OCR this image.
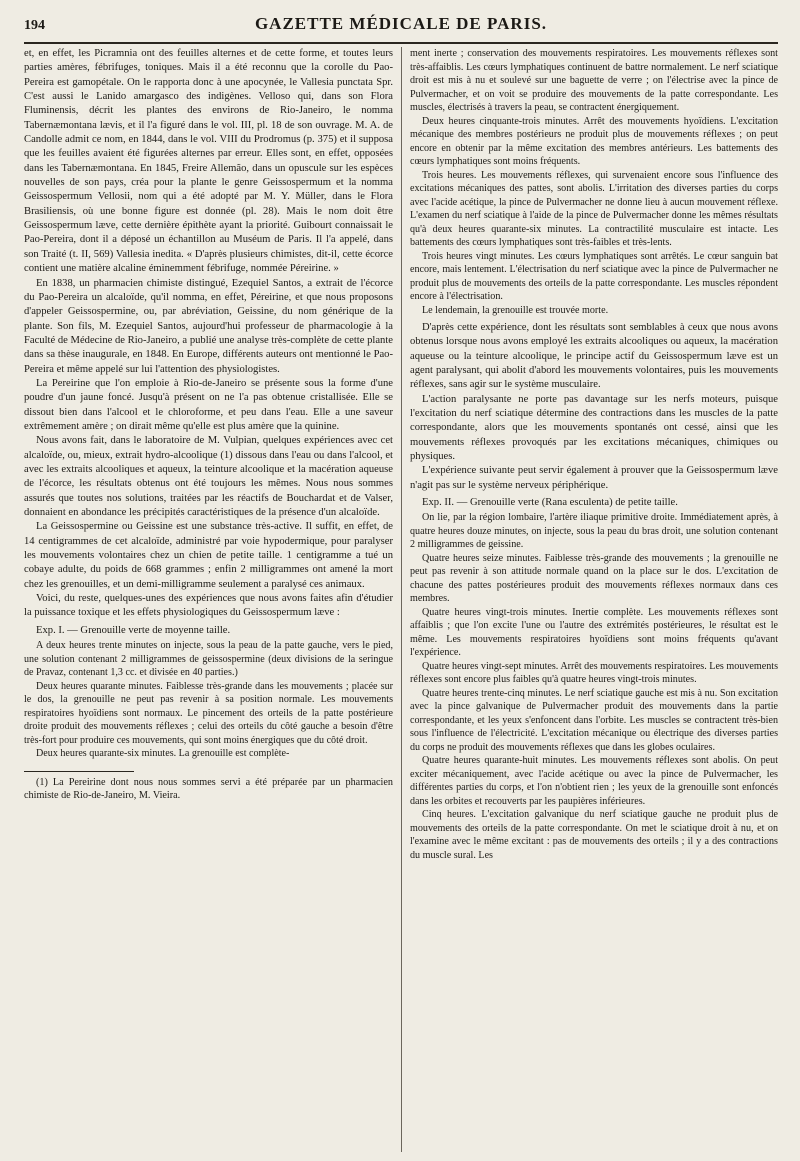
194	GAZETTE MÉDICALE DE PARIS.

et, en effet, les Picramnia ont des feuilles alternes et de cette forme, et toutes leurs parties amères, fébrifuges, toniques. Mais il a été reconnu que la corolle du Pao-Pereira est gamopétale. On le rapporta donc à une apocynée, le Vallesia punctata Spr. C'est aussi le Lanido amargasco des indigènes. Velloso qui, dans son Flora Fluminensis, décrit les plantes des environs de Rio-Janeiro, le nomma Tabernæmontana lævis, et il l'a figuré dans le vol. III, pl. 18 de son ouvrage. M. A. de Candolle admit ce nom, en 1844, dans le vol. VIII du Prodromus (p. 375) et il supposa que les feuilles avaient été figurées alternes par erreur. Elles sont, en effet, opposées dans les Tabernæmontana. En 1845, Freire Allemão, dans un opuscule sur les espèces nouvelles de son pays, créa pour la plante le genre Geissospermum et la nomma Geissospermum Vellosii, nom qui a été adopté par M. Y. Müller, dans le Flora Brasiliensis, où une bonne figure est donnée (pl. 28). Mais le nom doit être Geissospermum læve, cette dernière épithète ayant la priorité. Guibourt connaissait le Pao-Pereira, dont il a déposé un échantillon au Muséum de Paris. Il l'a appelé, dans son Traité (t. II, 569) Vallesia inedita. « D'après plusieurs chimistes, dit-il, cette écorce contient une matière alcaline éminemment fébrifuge, nommée Péreirine. »

En 1838, un pharmacien chimiste distingué, Ezequiel Santos, a extrait de l'écorce du Pao-Pereira un alcaloïde, qu'il nomma, en effet, Péreirine, et que nous proposons d'appeler Geissospermine, ou, par abréviation, Geissine, du nom générique de la plante. Son fils, M. Ezequiel Santos, aujourd'hui professeur de pharmacologie à la Faculté de Médecine de Rio-Janeiro, a publié une analyse très-complète de cette plante dans sa thèse inaugurale, en 1848. En Europe, différents auteurs ont mentionné le Pao-Pereira et même appelé sur lui l'attention des physiologistes.

La Pereirine que l'on emploie à Rio-de-Janeiro se présente sous la forme d'une poudre d'un jaune foncé. Jusqu'à présent on ne l'a pas obtenue cristallisée. Elle se dissout bien dans l'alcool et le chloroforme, et peu dans l'eau. Elle a une saveur extrêmement amère ; on dirait même qu'elle est plus amère que la quinine.

Nous avons fait, dans le laboratoire de M. Vulpian, quelques expériences avec cet alcaloïde, ou, mieux, extrait hydro-alcoolique (1) dissous dans l'eau ou dans l'alcool, et avec les extraits alcooliques et aqueux, la teinture alcoolique et la macération aqueuse de l'écorce, les résultats obtenus ont été toujours les mêmes. Nous nous sommes assurés que toutes nos solutions, traitées par les réactifs de Bouchardat et de Valser, donnaient en abondance les précipités caractéristiques de la présence d'un alcaloïde.

La Geissospermine ou Geissine est une substance très-active. Il suffit, en effet, de 14 centigrammes de cet alcaloïde, administré par voie hypodermique, pour paralyser les mouvements volontaires chez un chien de petite taille. 1 centigramme a tué un cobaye adulte, du poids de 668 grammes ; enfin 2 milligrammes ont amené la mort chez les grenouilles, et un demi-milligramme seulement a paralysé ces animaux.

Voici, du reste, quelques-unes des expériences que nous avons faites afin d'étudier la puissance toxique et les effets physiologiques du Geissospermum læve :

Exp. I. — Grenouille verte de moyenne taille.

A deux heures trente minutes on injecte, sous la peau de la patte gauche, vers le pied, une solution contenant 2 milligrammes de geissospermine (deux divisions de la seringue de Pravaz, contenant 1,3 cc. et divisée en 40 parties.)

Deux heures quarante minutes. Faiblesse très-grande dans les mouvements ; placée sur le dos, la grenouille ne peut pas revenir à sa position normale. Les mouvements respiratoires hyoïdiens sont normaux. Le pincement des orteils de la patte postérieure droite produit des mouvements réflexes ; celui des orteils du côté gauche a besoin d'être très-fort pour produire ces mouvements, qui sont moins énergiques que du côté droit.

Deux heures quarante-six minutes. La grenouille est complète-

(1) La Pereirine dont nous nous sommes servi a été préparée par un pharmacien chimiste de Rio-de-Janeiro, M. Vieira.

ment inerte ; conservation des mouvements respiratoires. Les mouvements réflexes sont très-affaiblis. Les cœurs lymphatiques continuent de battre normalement. Le nerf sciatique droit est mis à nu et soulevé sur une baguette de verre ; on l'électrise avec la pince de Pulvermacher, et on voit se produire des mouvements de la patte correspondante. Les muscles, électrisés à travers la peau, se contractent énergiquement.

Deux heures cinquante-trois minutes. Arrêt des mouvements hyoïdiens. L'excitation mécanique des membres postérieurs ne produit plus de mouvements réflexes ; on peut encore en obtenir par la même excitation des membres antérieurs. Les battements des cœurs lymphatiques sont moins fréquents.

Trois heures. Les mouvements réflexes, qui survenaient encore sous l'influence des excitations mécaniques des pattes, sont abolis. L'irritation des diverses parties du corps avec l'acide acétique, la pince de Pulvermacher ne donne lieu à aucun mouvement réflexe. L'examen du nerf sciatique à l'aide de la pince de Pulvermacher donne les mêmes résultats qu'à deux heures quarante-six minutes. La contractilité musculaire est intacte. Les battements des cœurs lymphatiques sont très-faibles et très-lents.

Trois heures vingt minutes. Les cœurs lymphatiques sont arrêtés. Le cœur sanguin bat encore, mais lentement. L'électrisation du nerf sciatique avec la pince de Pulvermacher ne produit plus de mouvements des orteils de la patte correspondante. Les muscles répondent encore à l'électrisation.

Le lendemain, la grenouille est trouvée morte.

D'après cette expérience, dont les résultats sont semblables à ceux que nous avons obtenus lorsque nous avons employé les extraits alcooliques ou aqueux, la macération aqueuse ou la teinture alcoolique, le principe actif du Geissospermum læve est un agent paralysant, qui abolit d'abord les mouvements volontaires, puis les mouvements réflexes, sans agir sur le système musculaire.

L'action paralysante ne porte pas davantage sur les nerfs moteurs, puisque l'excitation du nerf sciatique détermine des contractions dans les muscles de la patte correspondante, alors que les mouvements spontanés ont cessé, ainsi que les mouvements réflexes provoqués par les excitations mécaniques, chimiques ou physiques.

L'expérience suivante peut servir également à prouver que la Geissospermum læve n'agit pas sur le système nerveux périphérique.

Exp. II. — Grenouille verte (Rana esculenta) de petite taille.

On lie, par la région lombaire, l'artère iliaque primitive droite. Immédiatement après, à quatre heures douze minutes, on injecte, sous la peau du bras droit, une solution contenant 2 milligrammes de geissine.

Quatre heures seize minutes. Faiblesse très-grande des mouvements ; la grenouille ne peut pas revenir à son attitude normale quand on la place sur le dos. L'excitation de chacune des pattes postérieures produit des mouvements réflexes normaux dans ces membres.

Quatre heures vingt-trois minutes. Inertie complète. Les mouvements réflexes sont affaiblis ; que l'on excite l'une ou l'autre des extrémités postérieures, le résultat est le même. Les mouvements respiratoires hyoïdiens sont moins fréquents qu'avant l'expérience.

Quatre heures vingt-sept minutes. Arrêt des mouvements respiratoires. Les mouvements réflexes sont encore plus faibles qu'à quatre heures vingt-trois minutes.

Quatre heures trente-cinq minutes. Le nerf sciatique gauche est mis à nu. Son excitation avec la pince galvanique de Pulvermacher produit des mouvements dans la partie correspondante, et les yeux s'enfoncent dans l'orbite. Les muscles se contractent très-bien sous l'influence de l'électricité. L'excitation mécanique ou électrique des diverses parties du corps ne produit des mouvements réflexes que dans les globes oculaires.

Quatre heures quarante-huit minutes. Les mouvements réflexes sont abolis. On peut exciter mécaniquement, avec l'acide acétique ou avec la pince de Pulvermacher, les différentes parties du corps, et l'on n'obtient rien ; les yeux de la grenouille sont enfoncés dans les orbites et recouverts par les paupières inférieures.

Cinq heures. L'excitation galvanique du nerf sciatique gauche ne produit plus de mouvements des orteils de la patte correspondante. On met le sciatique droit à nu, et on l'examine avec le même excitant : pas de mouvements des orteils ; il y a des contractions du muscle sural. Les
